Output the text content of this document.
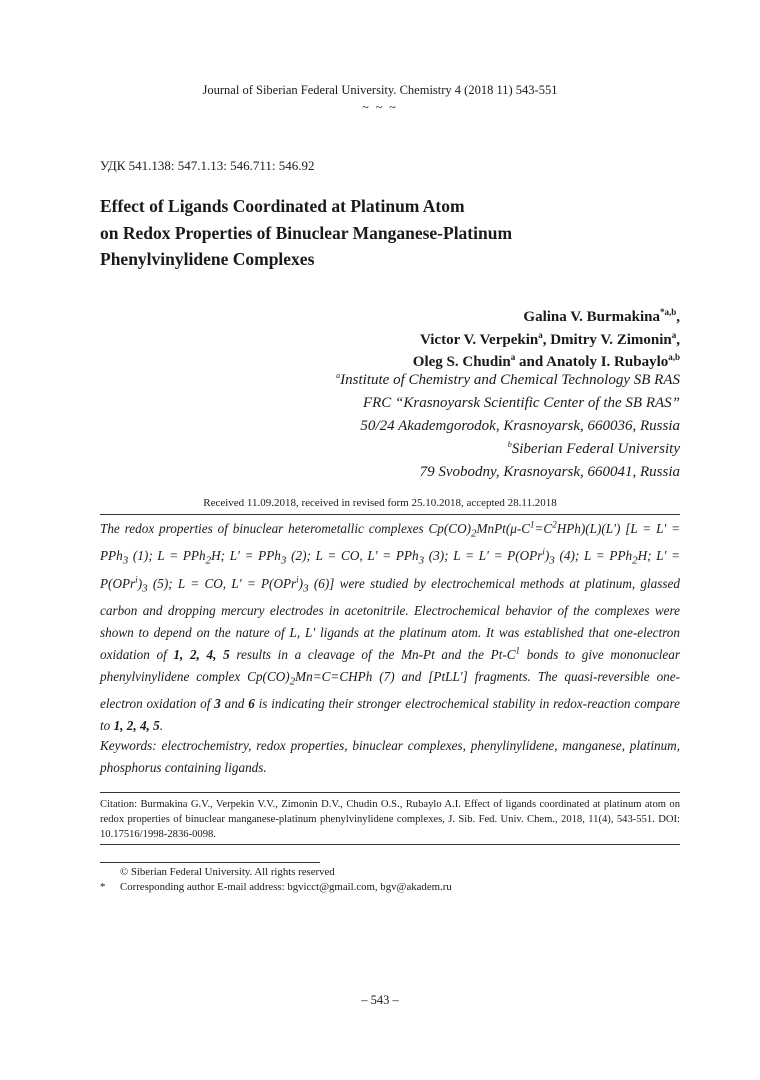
Journal of Siberian Federal University. Chemistry 4 (2018 11) 543-551
~ ~ ~
УДК 541.138: 547.1.13: 546.711: 546.92
Effect of Ligands Coordinated at Platinum Atom
on Redox Properties of Binuclear Manganese-Platinum
Phenylvinylidene Complexes
Galina V. Burmakina$^{*a,b}$,
Victor V. Verpekin$^a$, Dmitry V. Zimonin$^a$,
Oleg S. Chudin$^a$ and Anatoly I. Rubaylo$^{a,b}$
$^a$Institute of Chemistry and Chemical Technology SB RAS
FRC “Krasnoyarsk Scientific Center of the SB RAS”
50/24 Akademgorodok, Krasnoyarsk, 660036, Russia
$^b$Siberian Federal University
79 Svobodny, Krasnoyarsk, 660041, Russia
Received 11.09.2018, received in revised form 25.10.2018, accepted 28.11.2018

The redox properties of binuclear heterometallic complexes $Cp(CO)_2MnPt(\mu-C^1=C^2HPh)(L)(L') [L = L' = PPh_3$ (1); L = PPh$_2$H; L' = PPh$_3$ (2); L = CO, L' = PPh$_3$ (3); $L = L' = P(OPr^i)_3$ (4); L = PPh$_2$H; $L' = P(OPr^i)_3$ (5); L = CO, $L' = P(OPr^i)_3$ (6)] were studied by electrochemical methods at platinum, glassed carbon and dropping mercury electrodes in acetonitrile. Electrochemical behavior of the complexes were shown to depend on the nature of L, L' ligands at the platinum atom. It was established that one-electron oxidation of 1, 2, 4, 5 results in a cleavage of the Mn-Pt and the $Pt-C^1$ bonds to give mononuclear phenylvinylidene complex $Cp(CO)_2Mn=C=CHPh$ (7) and [PtLL'] fragments. The quasi-reversible one-electron oxidation of 3 and 6 is indicating their stronger electrochemical stability in redox-reaction compare to 1, 2, 4, 5.

Keywords: electrochemistry, redox properties, binuclear complexes, phenylinylidene, manganese, platinum, phosphorus containing ligands.
Citation: Burmakina G.V., Verpekin V.V., Zimonin D.V., Chudin O.S., Rubaylo A.I. Effect of ligands coordinated at platinum atom on redox properties of binuclear manganese-platinum phenylvinylidene complexes, J. Sib. Fed. Univ. Chem., 2018, 11(4), 543-551. DOI: 10.17516/1998-2836-0098.
© Siberian Federal University. All rights reserved
* Corresponding author E-mail address: bgvicct@gmail.com, bgv@akadem.ru
– 543 –
